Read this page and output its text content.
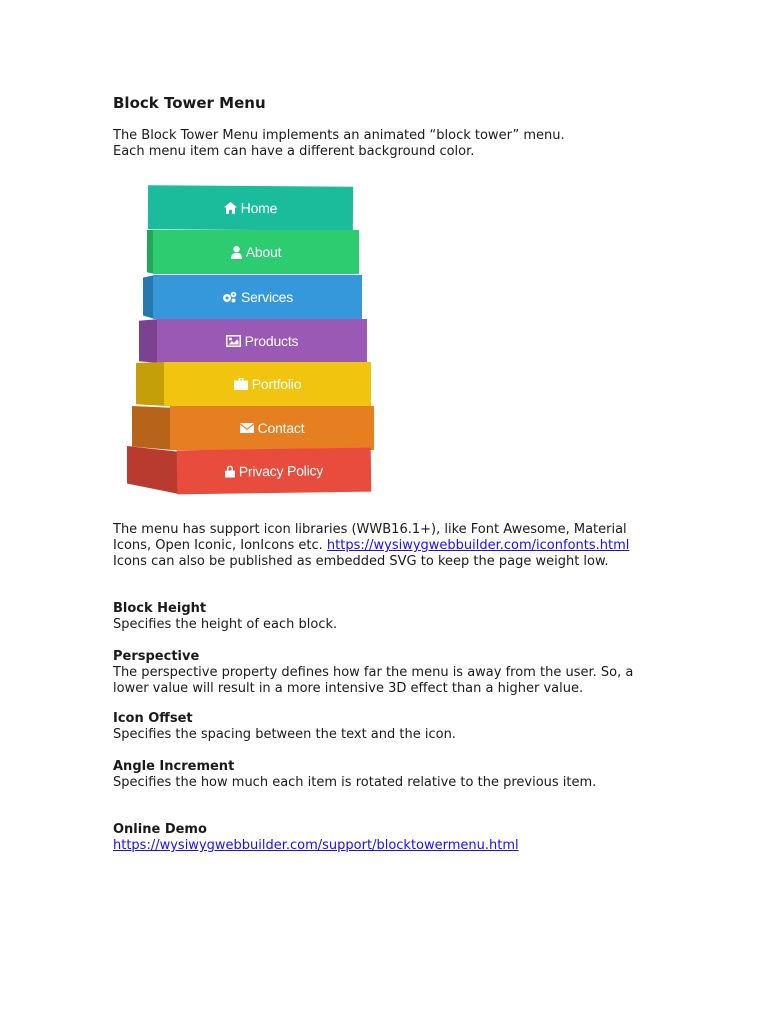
Block Tower Menu
The Block Tower Menu implements an animated “block tower” menu.
Each menu item can have a different background color.
Home
About
Services
Products
Portfolio
Contact
Privacy Policy
The menu has support icon libraries (WWB16.1+), like Font Awesome, Material
Icons, Open Iconic, IonIcons etc. https://wysiwygwebbuilder.com/iconfonts.html
Icons can also be published as embedded SVG to keep the page weight low.
Block Height

Specifies the height of each block.

Perspective

The perspective property defines how far the menu is away from the user. So, a

lower value will result in a more intensive 3D effect than a higher value.

Icon Offset

Specifies the spacing between the text and the icon.

Angle Increment

Specifies the how much each item is rotated relative to the previous item.

Online Demo

https://wysiwygwebbuilder.com/support/blocktowermenu.html
